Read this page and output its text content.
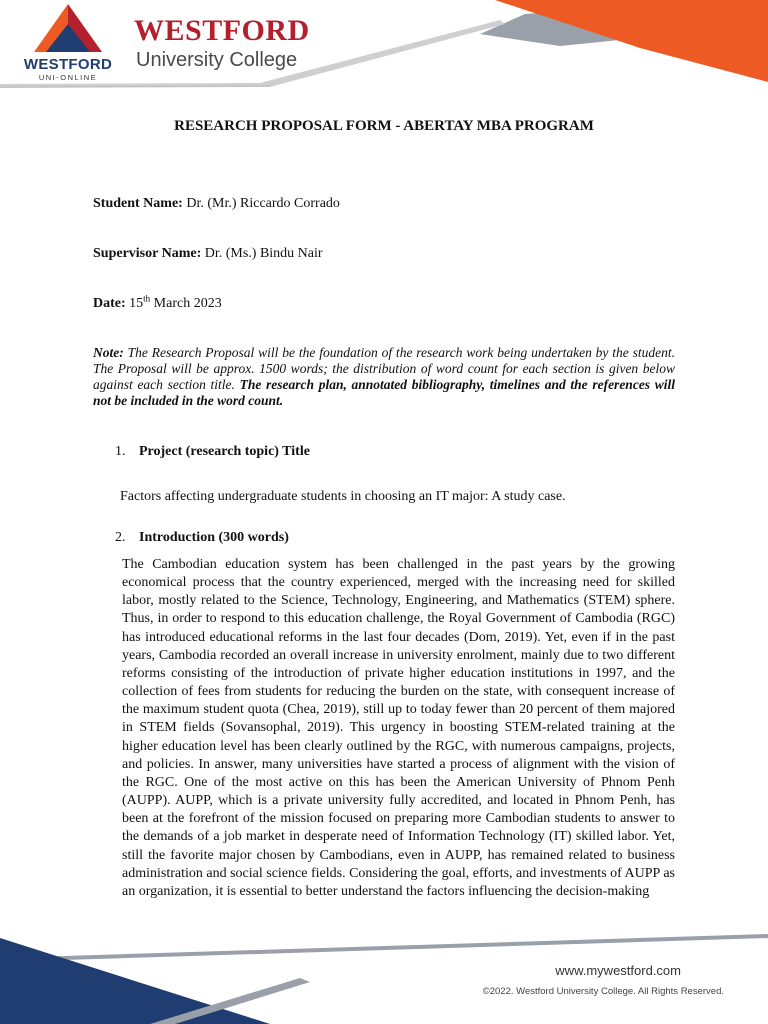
WESTFORD
UNI-ONLINE
WESTFORD
University College
RESEARCH PROPOSAL FORM - ABERTAY MBA PROGRAM
Student Name: Dr. (Mr.) Riccardo Corrado
Supervisor Name: Dr. (Ms.) Bindu Nair
Date: 15th March 2023
Note: The Research Proposal will be the foundation of the research work being undertaken by the student. The Proposal will be approx. 1500 words; the distribution of word count for each section is given below against each section title. The research plan, annotated bibliography, timelines and the references will not be included in the word count.
1. Project (research topic) Title
Factors affecting undergraduate students in choosing an IT major: A study case.
2. Introduction (300 words)
The Cambodian education system has been challenged in the past years by the growing economical process that the country experienced, merged with the increasing need for skilled labor, mostly related to the Science, Technology, Engineering, and Mathematics (STEM) sphere. Thus, in order to respond to this education challenge, the Royal Government of Cambodia (RGC) has introduced educational reforms in the last four decades (Dom, 2019). Yet, even if in the past years, Cambodia recorded an overall increase in university enrolment, mainly due to two different reforms consisting of the introduction of private higher education institutions in 1997, and the collection of fees from students for reducing the burden on the state, with consequent increase of the maximum student quota (Chea, 2019), still up to today fewer than 20 percent of them majored in STEM fields (Sovansophal, 2019). This urgency in boosting STEM-related training at the higher education level has been clearly outlined by the RGC, with numerous campaigns, projects, and policies. In answer, many universities have started a process of alignment with the vision of the RGC. One of the most active on this has been the American University of Phnom Penh (AUPP). AUPP, which is a private university fully accredited, and located in Phnom Penh, has been at the forefront of the mission focused on preparing more Cambodian students to answer to the demands of a job market in desperate need of Information Technology (IT) skilled labor. Yet, still the favorite major chosen by Cambodians, even in AUPP, has remained related to business administration and social science fields. Considering the goal, efforts, and investments of AUPP as an organization, it is essential to better understand the factors influencing the decision-making
www.mywestford.com
©2022. Westford University College. All Rights Reserved.
